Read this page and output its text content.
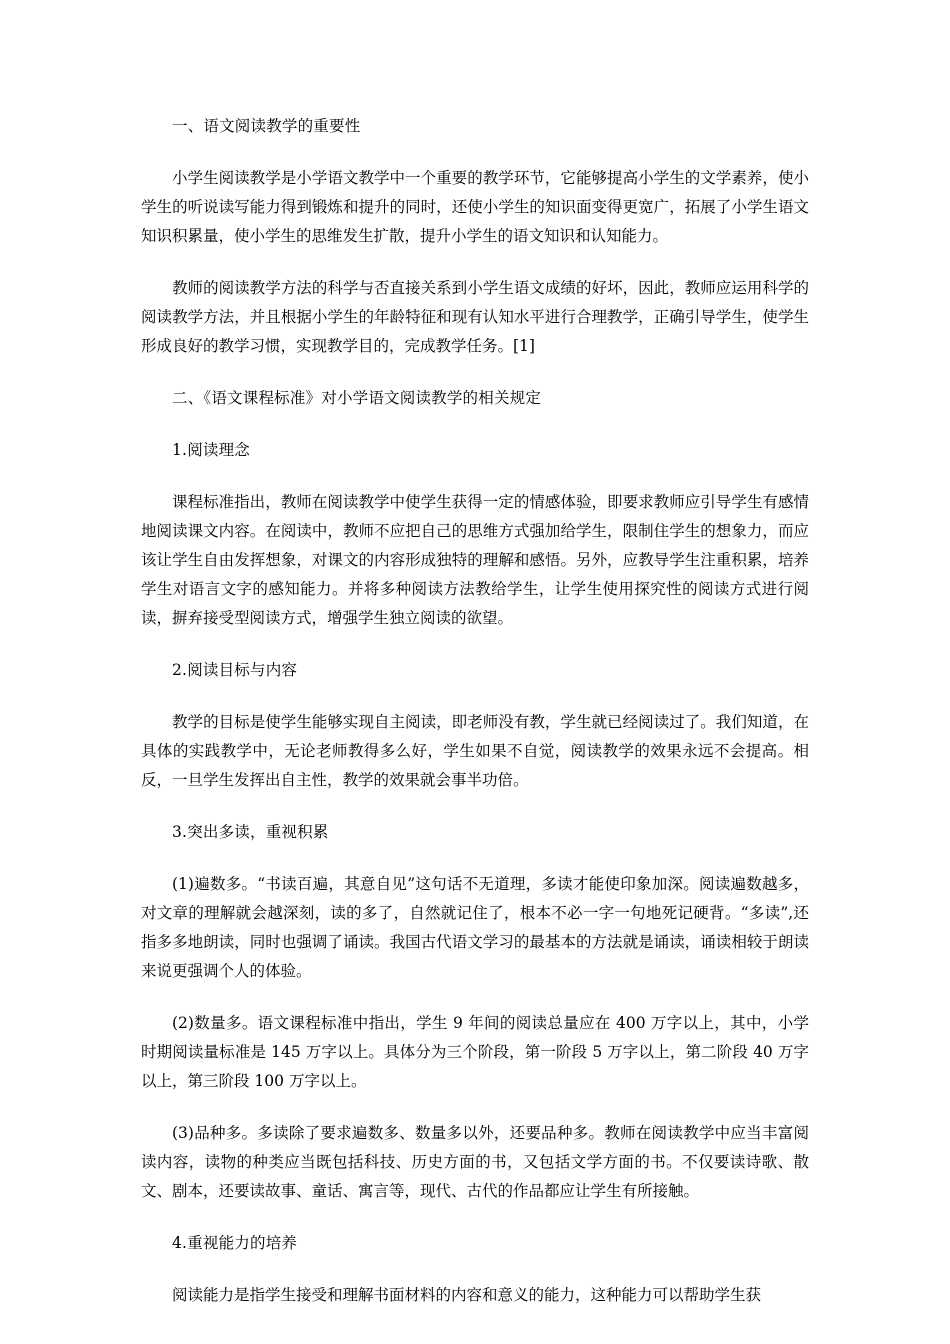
一、语文阅读教学的重要性

小学生阅读教学是小学语文教学中一个重要的教学环节，它能够提高小学生的文学素养，使小学生的听说读写能力得到锻炼和提升的同时，还使小学生的知识面变得更宽广，拓展了小学生语文知识积累量，使小学生的思维发生扩散，提升小学生的语文知识和认知能力。

教师的阅读教学方法的科学与否直接关系到小学生语文成绩的好坏，因此，教师应运用科学的阅读教学方法，并且根据小学生的年龄特征和现有认知水平进行合理教学，正确引导学生，使学生形成良好的教学习惯，实现教学目的，完成教学任务。[1]

二、《语文课程标准》对小学语文阅读教学的相关规定

1.阅读理念

课程标准指出，教师在阅读教学中使学生获得一定的情感体验，即要求教师应引导学生有感情地阅读课文内容。在阅读中，教师不应把自己的思维方式强加给学生，限制住学生的想象力，而应该让学生自由发挥想象，对课文的内容形成独特的理解和感悟。另外，应教导学生注重积累，培养学生对语言文字的感知能力。并将多种阅读方法教给学生，让学生使用探究性的阅读方式进行阅读，摒弃接受型阅读方式，增强学生独立阅读的欲望。

2.阅读目标与内容

教学的目标是使学生能够实现自主阅读，即老师没有教，学生就已经阅读过了。我们知道，在具体的实践教学中，无论老师教得多么好，学生如果不自觉，阅读教学的效果永远不会提高。相反，一旦学生发挥出自主性，教学的效果就会事半功倍。

3.突出多读，重视积累

(1)遍数多。“书读百遍，其意自见”这句话不无道理，多读才能使印象加深。阅读遍数越多，对文章的理解就会越深刻，读的多了，自然就记住了，根本不必一字一句地死记硬背。“多读”,还指多多地朗读，同时也强调了诵读。我国古代语文学习的最基本的方法就是诵读，诵读相较于朗读来说更强调个人的体验。

(2)数量多。语文课程标准中指出，学生 9 年间的阅读总量应在 400 万字以上，其中，小学时期阅读量标准是 145 万字以上。具体分为三个阶段，第一阶段 5 万字以上，第二阶段 40 万字以上，第三阶段 100 万字以上。

(3)品种多。多读除了要求遍数多、数量多以外，还要品种多。教师在阅读教学中应当丰富阅读内容，读物的种类应当既包括科技、历史方面的书，又包括文学方面的书。不仅要读诗歌、散文、剧本，还要读故事、童话、寓言等，现代、古代的作品都应让学生有所接触。

4.重视能力的培养

阅读能力是指学生接受和理解书面材料的内容和意义的能力，这种能力可以帮助学生获
